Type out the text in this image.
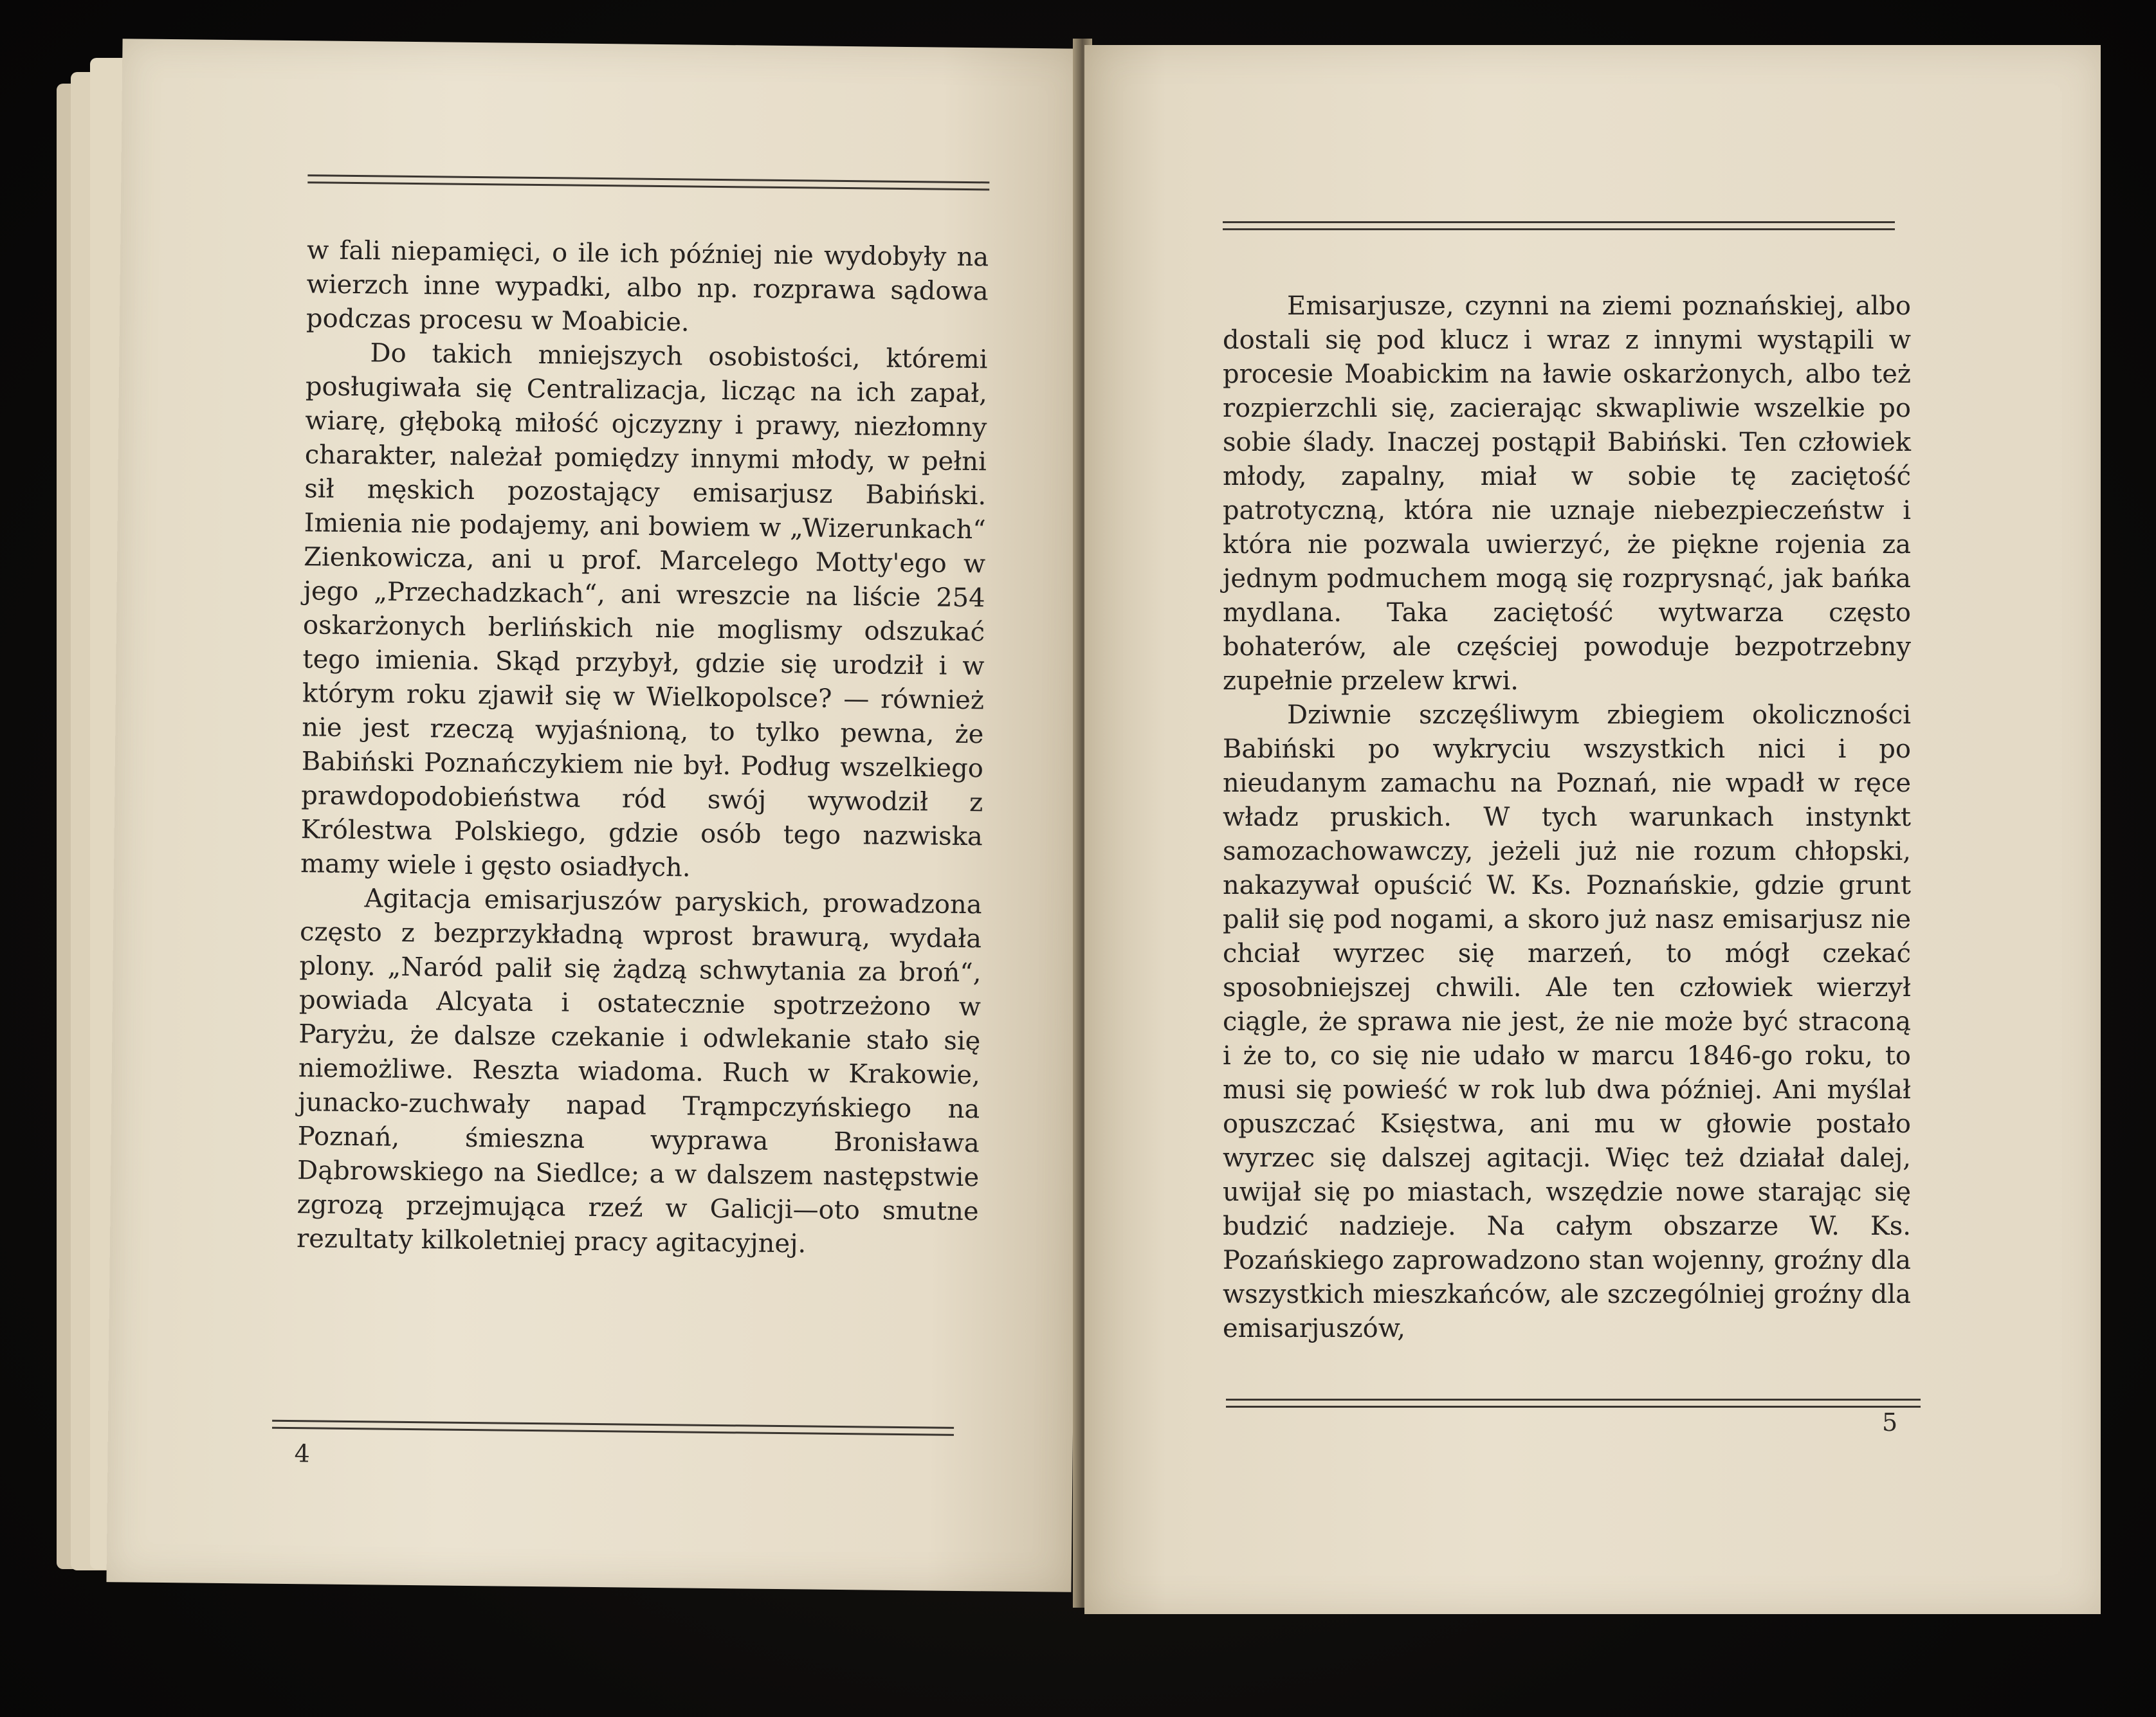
w fali niepamięci, o ile ich później nie wydobyły na wierzch inne wypadki, albo np. rozprawa sądowa podczas procesu w Moabicie.

Do takich mniejszych osobistości, któremi posługiwała się Centralizacja, licząc na ich zapał, wiarę, głęboką miłość ojczyzny i prawy, niezłomny charakter, należał pomiędzy innymi młody, w pełni sił męskich pozostający emisarjusz Babiński. Imienia nie podajemy, ani bowiem w „Wizerunkach“ Zienkowicza, ani u prof. Marcelego Motty'ego w jego „Przechadzkach“, ani wreszcie na liście 254 oskarżonych berlińskich nie moglismy odszukać tego imienia. Skąd przybył, gdzie się urodził i w którym roku zjawił się w Wielkopolsce? — również nie jest rzeczą wyjaśnioną, to tylko pewna, że Babiński Poznańczykiem nie był. Podług wszelkiego prawdopodobieństwa ród swój wywodził z Królestwa Polskiego, gdzie osób tego nazwiska mamy wiele i gęsto osiadłych.

Agitacja emisarjuszów paryskich, prowadzona często z bezprzykładną wprost brawurą, wydała plony. „Naród palił się żądzą schwytania za broń“, powiada Alcyata i ostatecznie spotrzeżono w Paryżu, że dalsze czekanie i odwlekanie stało się niemożliwe. Reszta wiadoma. Ruch w Krakowie, junacko-zuchwały napad Trąmpczyńskiego na Poznań, śmieszna wyprawa Bronisława Dąbrowskiego na Siedlce; a w dalszem następstwie zgrozą przejmująca rzeź w Galicji—oto smutne rezultaty kilkoletniej pracy agitacyjnej.

4

Emisarjusze, czynni na ziemi poznańskiej, albo dostali się pod klucz i wraz z innymi wystąpili w procesie Moabickim na ławie oskarżonych, albo też rozpierzchli się, zacierając skwapliwie wszelkie po sobie ślady. Inaczej postąpił Babiński. Ten człowiek młody, zapalny, miał w sobie tę zaciętość patrotyczną, która nie uznaje niebezpieczeństw i która nie pozwala uwierzyć, że piękne rojenia za jednym podmuchem mogą się rozprysnąć, jak bańka mydlana. Taka zaciętość wytwarza często bohaterów, ale częściej powoduje bezpotrzebny zupełnie przelew krwi.

Dziwnie szczęśliwym zbiegiem okoliczności Babiński po wykryciu wszystkich nici i po nieudanym zamachu na Poznań, nie wpadł w ręce władz pruskich. W tych warunkach instynkt samozachowawczy, jeżeli już nie rozum chłopski, nakazywał opuścić W. Ks. Poznańskie, gdzie grunt palił się pod nogami, a skoro już nasz emisarjusz nie chciał wyrzec się marzeń, to mógł czekać sposobniejszej chwili. Ale ten człowiek wierzył ciągle, że sprawa nie jest, że nie może być straconą i że to, co się nie udało w marcu 1846-go roku, to musi się powieść w rok lub dwa później. Ani myślał opuszczać Księstwa, ani mu w głowie postało wyrzec się dalszej agitacji. Więc też działał dalej, uwijał się po miastach, wszędzie nowe starając się budzić nadzieje. Na całym obszarze W. Ks. Pozańskiego zaprowadzono stan wojenny, groźny dla wszystkich mieszkańców, ale szczególniej groźny dla emisarjuszów,

5
